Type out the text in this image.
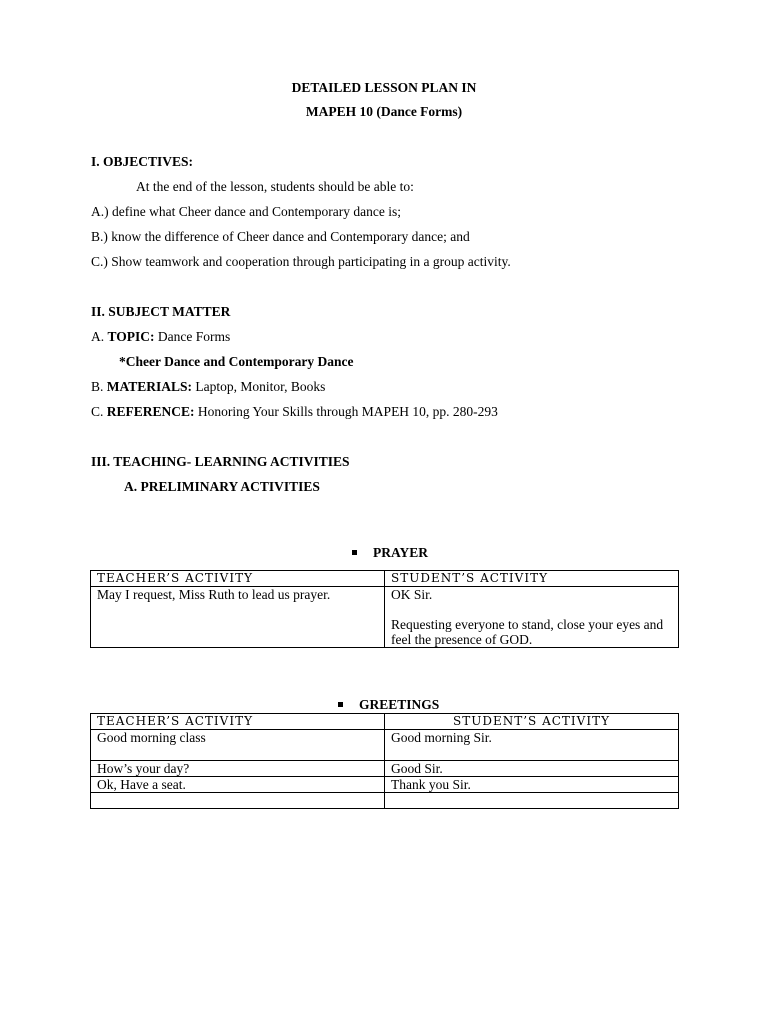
DETAILED LESSON PLAN IN
MAPEH 10 (Dance Forms)
I. OBJECTIVES:
At the end of the lesson, students should be able to:
A.) define what Cheer dance and Contemporary dance is;
B.) know the difference of Cheer dance and Contemporary dance; and
C.) Show teamwork and cooperation through participating in a group activity.
II. SUBJECT MATTER
A. TOPIC: Dance Forms
*Cheer Dance and Contemporary Dance
B. MATERIALS: Laptop, Monitor, Books
C. REFERENCE: Honoring Your Skills through MAPEH 10, pp. 280-293
III. TEACHING- LEARNING ACTIVITIES
A. PRELIMINARY ACTIVITIES
PRAYER
TEACHER’S ACTIVITY	STUDENT’S ACTIVITY

May I request, Miss Ruth to lead us prayer.	OK Sir.
Requesting everyone to stand, close your eyes and feel the presence of GOD.
GREETINGS
TEACHER’S ACTIVITY	STUDENT’S ACTIVITY
Good morning class	Good morning Sir.
How’s your day?	Good Sir.
Ok, Have a seat.	Thank you Sir.
